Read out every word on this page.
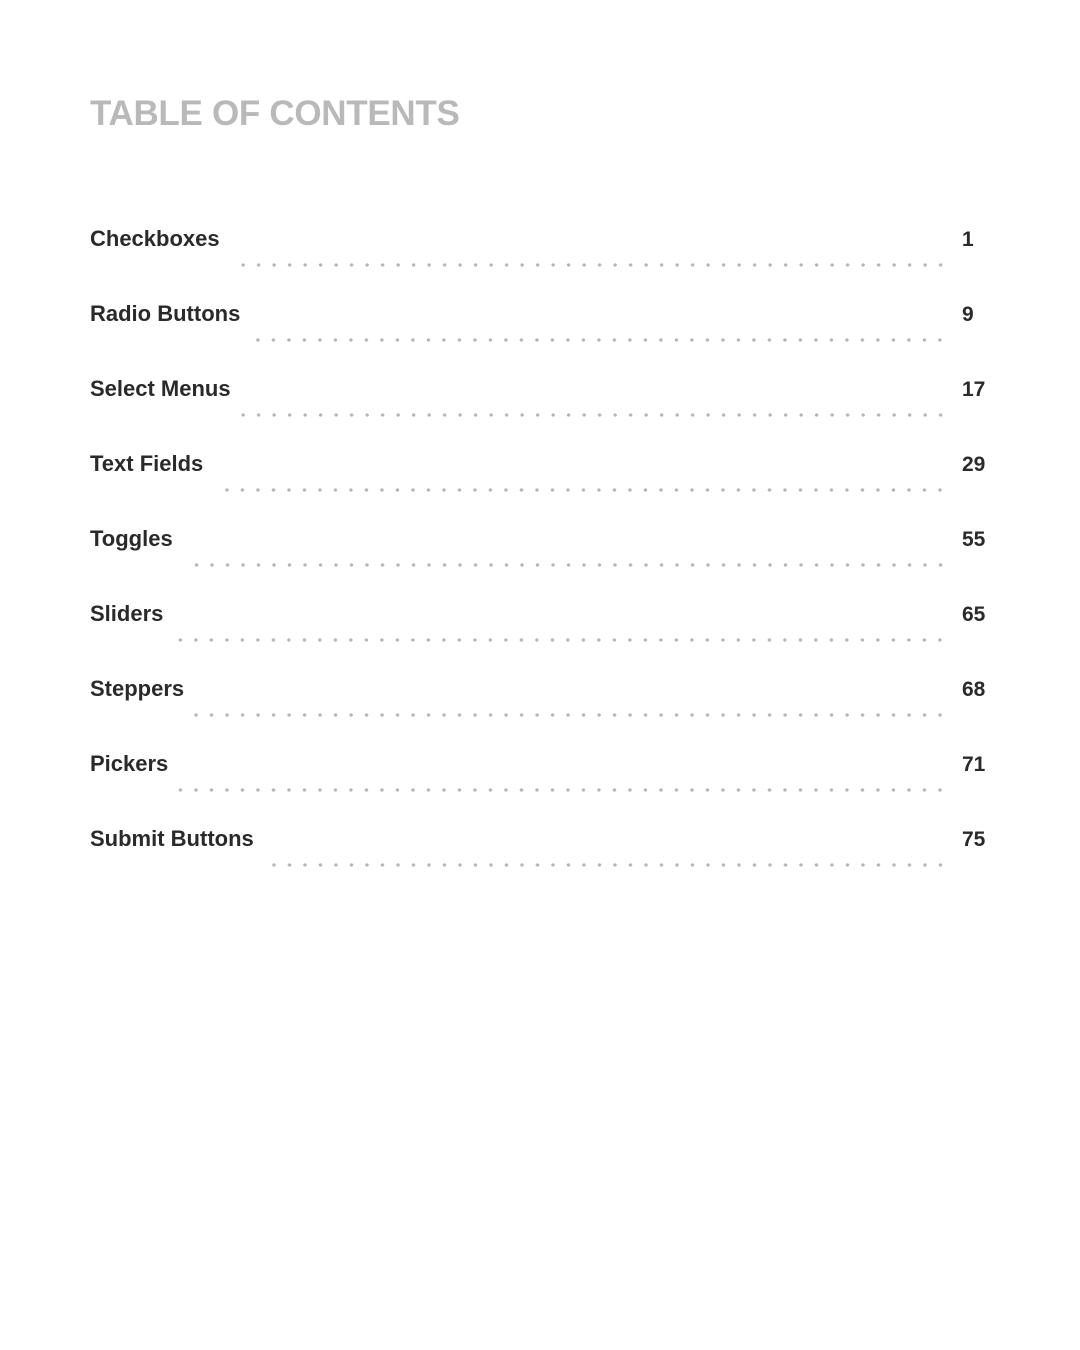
TABLE OF CONTENTS
Checkboxes	1
Radio Buttons	9
Select Menus	17
Text Fields	29
Toggles	55
Sliders	65
Steppers	68
Pickers	71
Submit Buttons	75
